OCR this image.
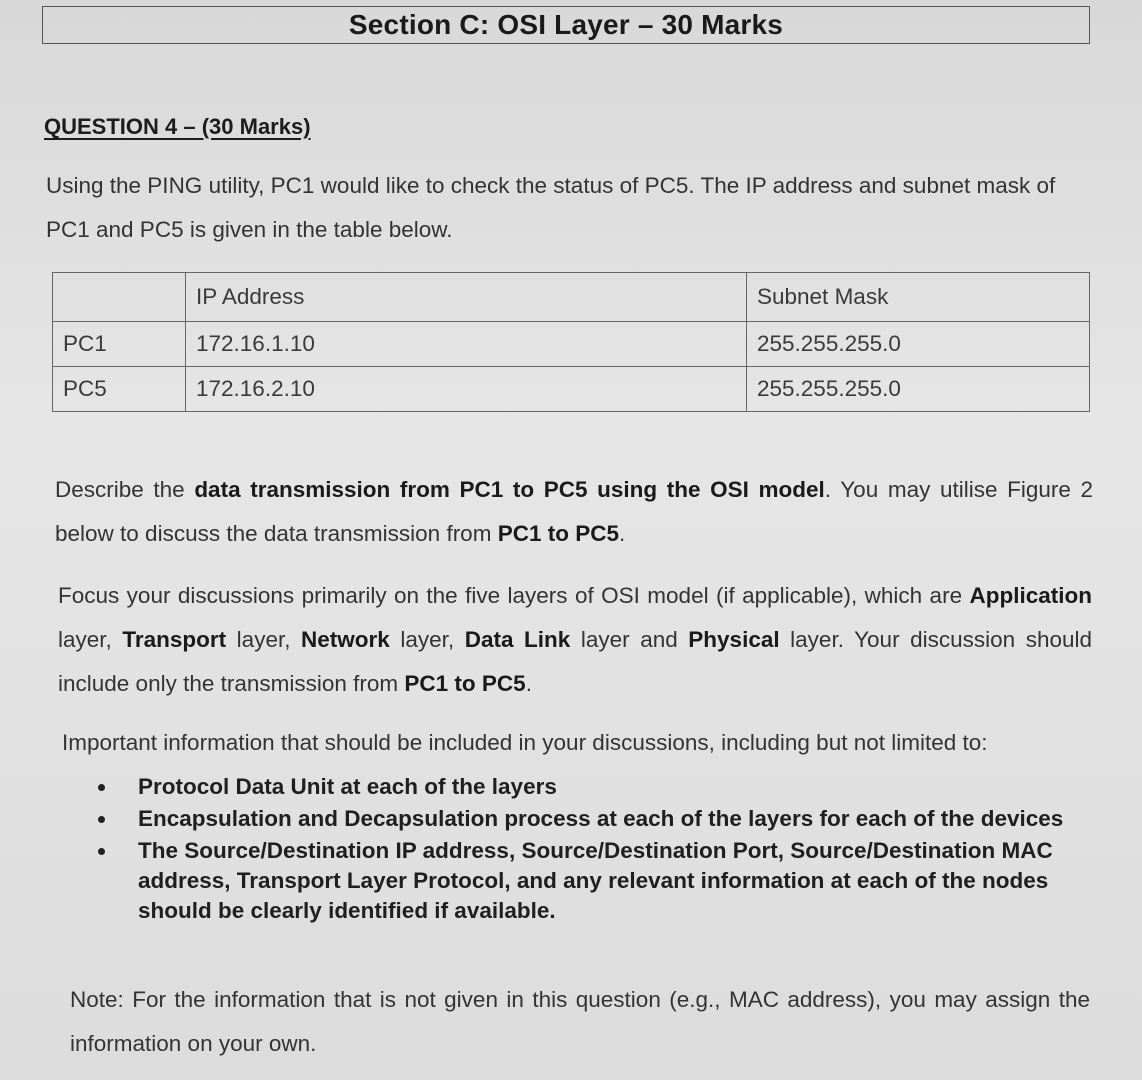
Section C: OSI Layer – 30 Marks
QUESTION 4 – (30 Marks)

Using the PING utility, PC1 would like to check the status of PC5. The IP address and subnet mask of PC1 and PC5 is given in the table below.

	IP Address	Subnet Mask
PC1	172.16.1.10	255.255.255.0
PC5	172.16.2.10	255.255.255.0

Describe the data transmission from PC1 to PC5 using the OSI model. You may utilise Figure 2 below to discuss the data transmission from PC1 to PC5.

Focus your discussions primarily on the five layers of OSI model (if applicable), which are Application layer, Transport layer, Network layer, Data Link layer and Physical layer. Your discussion should include only the transmission from PC1 to PC5.

Important information that should be included in your discussions, including but not limited to:

Protocol Data Unit at each of the layers
Encapsulation and Decapsulation process at each of the layers for each of the devices
The Source/Destination IP address, Source/Destination Port, Source/Destination MAC address, Transport Layer Protocol, and any relevant information at each of the nodes should be clearly identified if available.

Note: For the information that is not given in this question (e.g., MAC address), you may assign the information on your own.
